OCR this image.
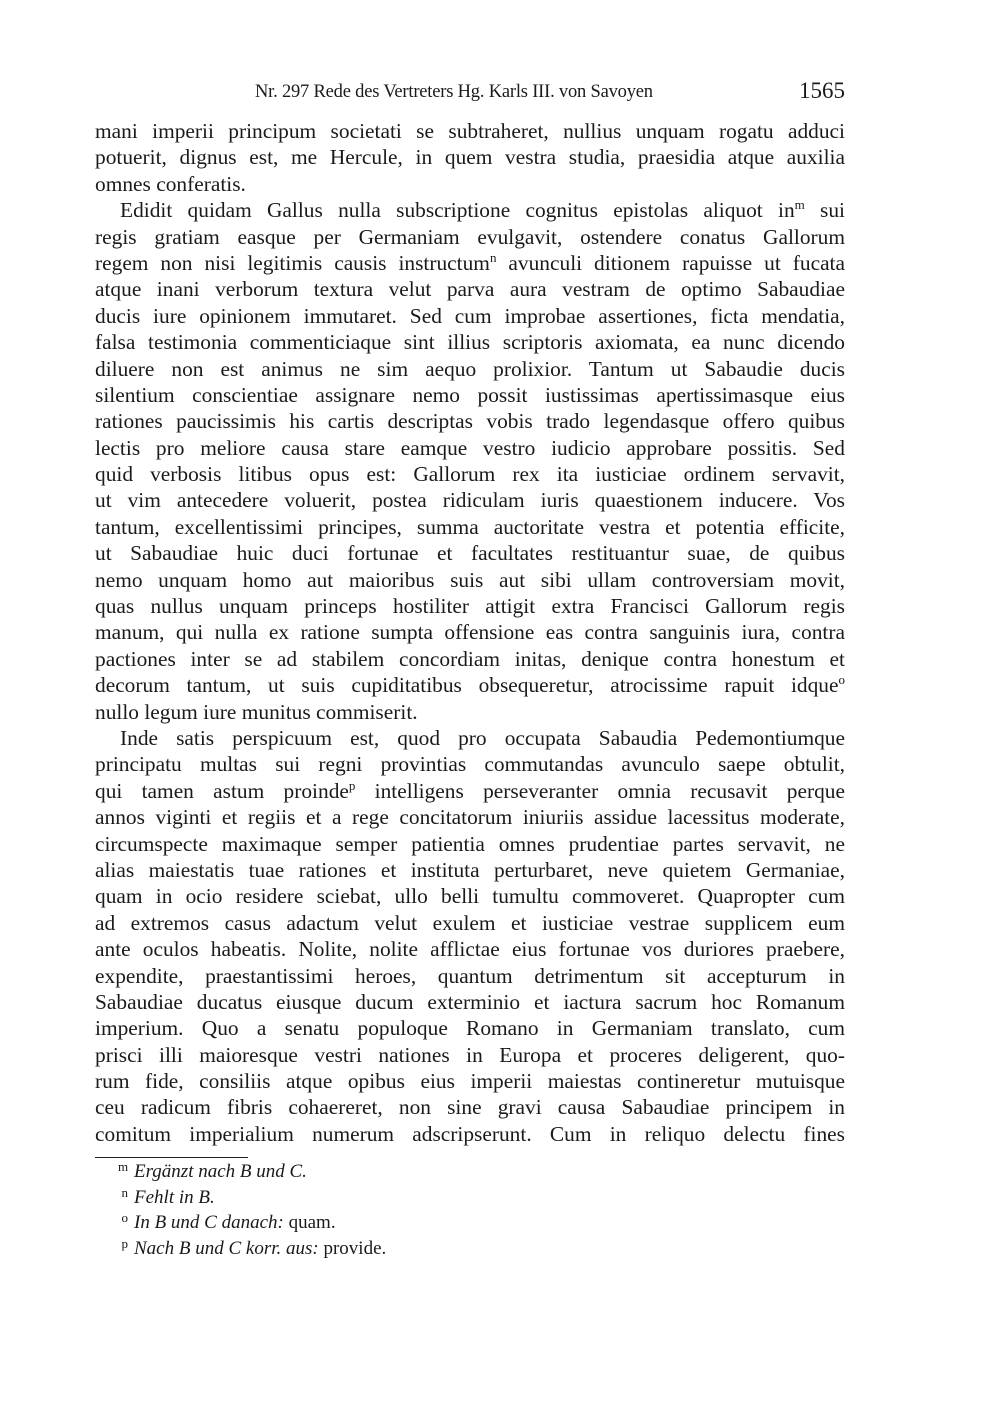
Nr. 297 Rede des Vertreters Hg. Karls III. von Savoyen	1565
mani imperii principum societati se subtraheret, nullius unquam rogatu adduci
potuerit, dignus est, me Hercule, in quem vestra studia, praesidia atque auxilia
omnes conferatis.
Edidit quidam Gallus nulla subscriptione cognitus epistolas aliquot in$^m$ sui
regis gratiam easque per Germaniam evulgavit, ostendere conatus Gallorum
regem non nisi legitimis causis instructum$^n$ avunculi ditionem rapuisse ut fucata
atque inani verborum textura velut parva aura vestram de optimo Sabaudiae
ducis iure opinionem immutaret. Sed cum improbae assertiones, ficta mendatia,
falsa testimonia commenticiaque sint illius scriptoris axiomata, ea nunc dicendo
diluere non est animus ne sim aequo prolixior. Tantum ut Sabaudie ducis
silentium conscientiae assignare nemo possit iustissimas apertissimasque eius
rationes paucissimis his cartis descriptas vobis trado legendasque offero quibus
lectis pro meliore causa stare eamque vestro iudicio approbare possitis. Sed
quid verbosis litibus opus est: Gallorum rex ita iusticiae ordinem servavit,
ut vim antecedere voluerit, postea ridiculam iuris quaestionem inducere. Vos
tantum, excellentissimi principes, summa auctoritate vestra et potentia efficite,
ut Sabaudiae huic duci fortunae et facultates restituantur suae, de quibus
nemo unquam homo aut maioribus suis aut sibi ullam controversiam movit,
quas nullus unquam princeps hostiliter attigit extra Francisci Gallorum regis
manum, qui nulla ex ratione sumpta offensione eas contra sanguinis iura, contra
pactiones inter se ad stabilem concordiam initas, denique contra honestum et
decorum tantum, ut suis cupiditatibus obsequeretur, atrocissime rapuit idque$^o$
nullo legum iure munitus commiserit.
Inde satis perspicuum est, quod pro occupata Sabaudia Pedemontiumque
principatu multas sui regni provintias commutandas avunculo saepe obtulit,
qui tamen astum proinde$^p$ intelligens perseveranter omnia recusavit perque
annos viginti et regiis et a rege concitatorum iniuriis assidue lacessitus moderate,
circumspecte maximaque semper patientia omnes prudentiae partes servavit, ne
alias maiestatis tuae rationes et instituta perturbaret, neve quietem Germaniae,
quam in ocio residere sciebat, ullo belli tumultu commoveret. Quapropter cum
ad extremos casus adactum velut exulem et iusticiae vestrae supplicem eum
ante oculos habeatis. Nolite, nolite afflictae eius fortunae vos duriores praebere,
expendite, praestantissimi heroes, quantum detrimentum sit accepturum in
Sabaudiae ducatus eiusque ducum exterminio et iactura sacrum hoc Romanum
imperium. Quo a senatu populoque Romano in Germaniam translato, cum
prisci illi maioresque vestri nationes in Europa et proceres deligerent, quo-
rum fide, consiliis atque opibus eius imperii maiestas contineretur mutuisque
ceu radicum fibris cohaereret, non sine gravi causa Sabaudiae principem in
comitum imperialium numerum adscripserunt. Cum in reliquo delectu fines
m Ergänzt nach B und C.
n Fehlt in B.
o In B und C danach: quam.
p Nach B und C korr. aus: provide.
